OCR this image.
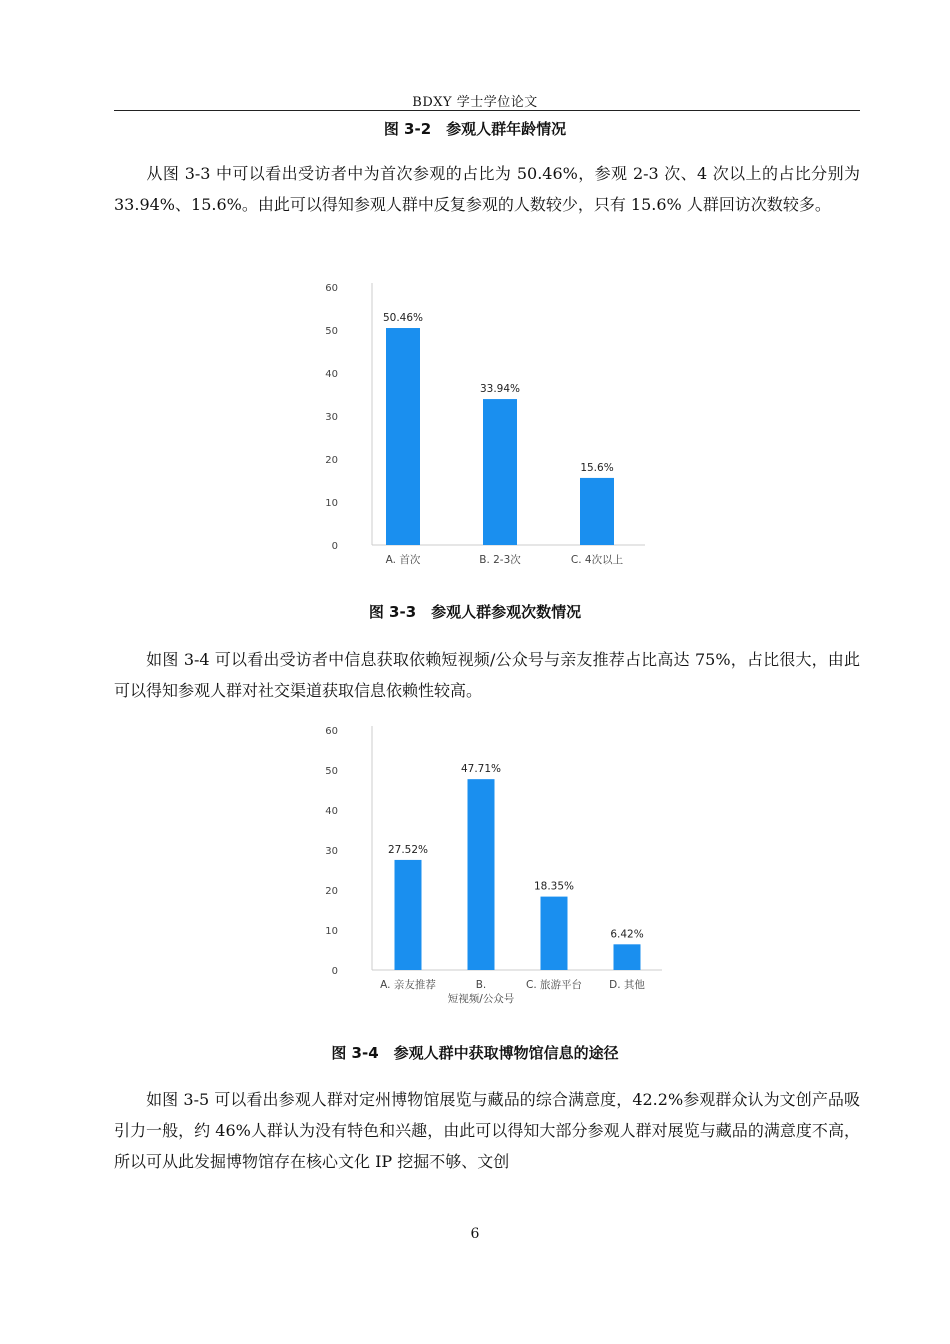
BDXY 学士学位论文
图 3-2　参观人群年龄情况

从图 3-3 中可以看出受访者中为首次参观的占比为 50.46%，参观 2-3 次、4 次以上的占比分别为 33.94%、15.6%。由此可以得知参观人群中反复参观的人数较少，只有 15.6% 人群回访次数较多。

0
10
20
30
40
50
60
50.46%
A. 首次
33.94%
B. 2-3次
15.6%
C. 4次以上
图 3-3　参观人群参观次数情况

如图 3-4 可以看出受访者中信息获取依赖短视频/公众号与亲友推荐占比高达 75%，占比很大，由此可以得知参观人群对社交渠道获取信息依赖性较高。

0
10
20
30
40
50
60
27.52%
A. 亲友推荐
47.71%
B.
短视频/公众号
18.35%
C. 旅游平台
6.42%
D. 其他
图 3-4　参观人群中获取博物馆信息的途径

如图 3-5 可以看出参观人群对定州博物馆展览与藏品的综合满意度，42.2%参观群众认为文创产品吸引力一般，约 46%人群认为没有特色和兴趣，由此可以得知大部分参观人群对展览与藏品的满意度不高，所以可从此发掘博物馆存在核心文化 IP 挖掘不够、文创

6
